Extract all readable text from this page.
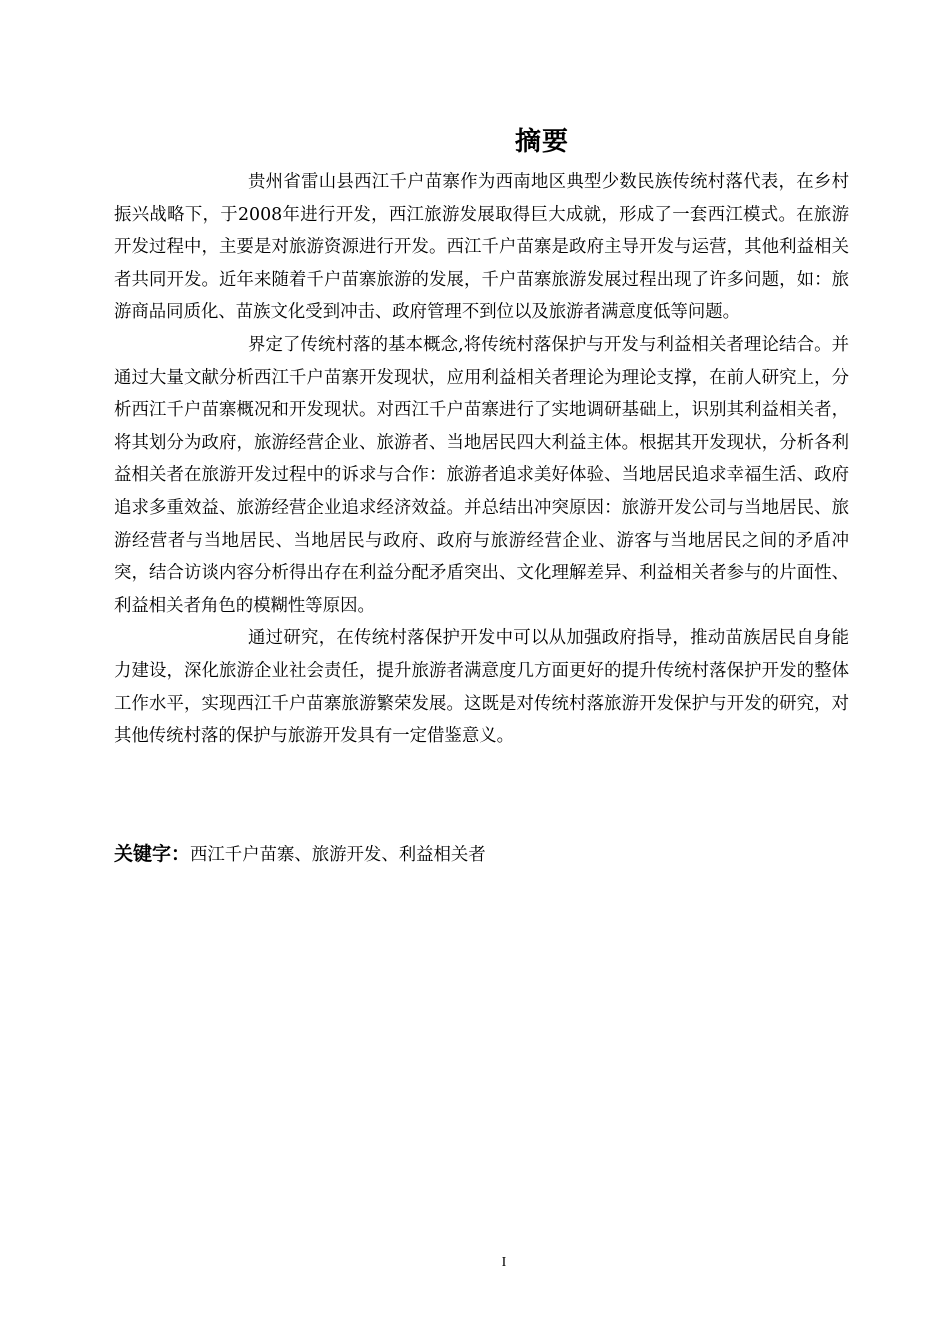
摘要

贵州省雷山县西江千户苗寨作为西南地区典型少数民族传统村落代表，在乡村振兴战略下，于2008年进行开发，西江旅游发展取得巨大成就，形成了一套西江模式。在旅游开发过程中，主要是对旅游资源进行开发。西江千户苗寨是政府主导开发与运营，其他利益相关者共同开发。近年来随着千户苗寨旅游的发展，千户苗寨旅游发展过程出现了许多问题，如：旅游商品同质化、苗族文化受到冲击、政府管理不到位以及旅游者满意度低等问题。

界定了传统村落的基本概念,将传统村落保护与开发与利益相关者理论结合。并通过大量文献分析西江千户苗寨开发现状，应用利益相关者理论为理论支撑，在前人研究上，分析西江千户苗寨概况和开发现状。对西江千户苗寨进行了实地调研基础上，识别其利益相关者，将其划分为政府，旅游经营企业、旅游者、当地居民四大利益主体。根据其开发现状，分析各利益相关者在旅游开发过程中的诉求与合作：旅游者追求美好体验、当地居民追求幸福生活、政府追求多重效益、旅游经营企业追求经济效益。并总结出冲突原因：旅游开发公司与当地居民、旅游经营者与当地居民、当地居民与政府、政府与旅游经营企业、游客与当地居民之间的矛盾冲突，结合访谈内容分析得出存在利益分配矛盾突出、文化理解差异、利益相关者参与的片面性、利益相关者角色的模糊性等原因。

通过研究，在传统村落保护开发中可以从加强政府指导，推动苗族居民自身能力建设，深化旅游企业社会责任，提升旅游者满意度几方面更好的提升传统村落保护开发的整体工作水平，实现西江千户苗寨旅游繁荣发展。这既是对传统村落旅游开发保护与开发的研究，对其他传统村落的保护与旅游开发具有一定借鉴意义。

关键字：西江千户苗寨、旅游开发、利益相关者
I
